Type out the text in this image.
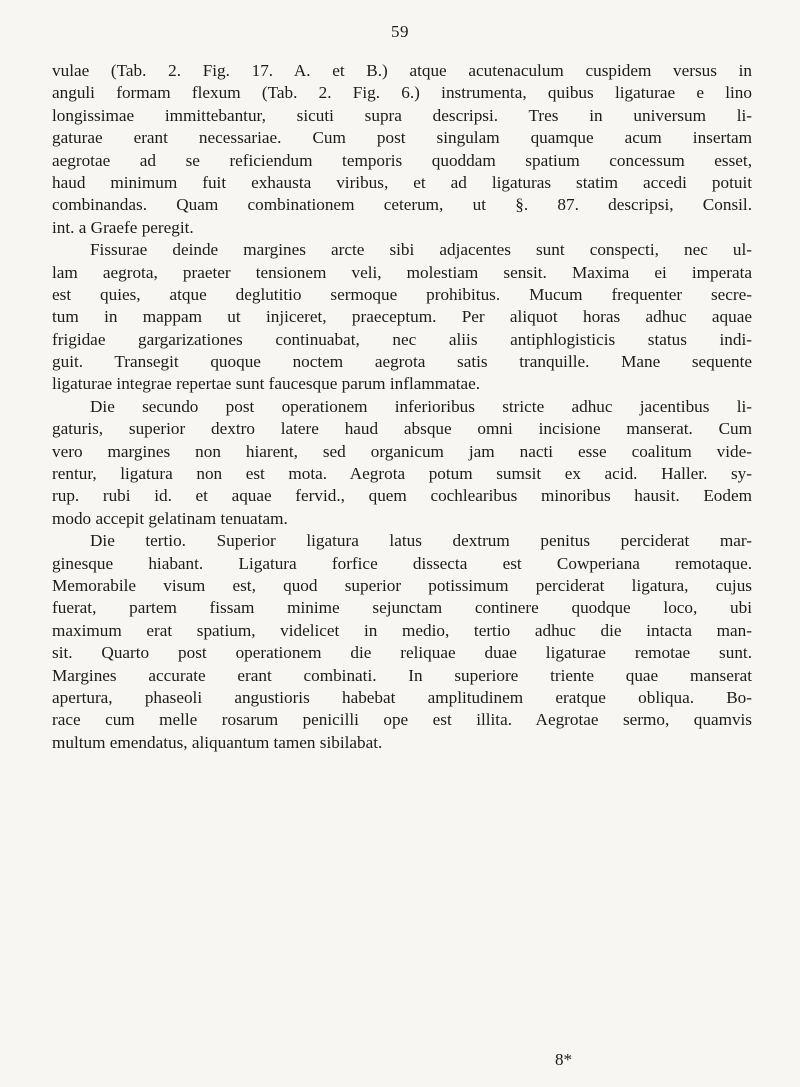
59
vulae (Tab. 2. Fig. 17. A. et B.) atque acutenaculum cuspidem versus in
anguli formam flexum (Tab. 2. Fig. 6.) instrumenta, quibus ligaturae e lino
longissimae immittebantur, sicuti supra descripsi. Tres in universum li-
gaturae erant necessariae. Cum post singulam quamque acum insertam
aegrotae ad se reficiendum temporis quoddam spatium concessum esset,
haud minimum fuit exhausta viribus, et ad ligaturas statim accedi potuit
combinandas. Quam combinationem ceterum, ut §. 87. descripsi, Consil.
int. a Graefe peregit.
Fissurae deinde margines arcte sibi adjacentes sunt conspecti, nec ul-
lam aegrota, praeter tensionem veli, molestiam sensit. Maxima ei imperata
est quies, atque deglutitio sermoque prohibitus. Mucum frequenter secre-
tum in mappam ut injiceret, praeceptum. Per aliquot horas adhuc aquae
frigidae gargarizationes continuabat, nec aliis antiphlogisticis status indi-
guit. Transegit quoque noctem aegrota satis tranquille. Mane sequente
ligaturae integrae repertae sunt faucesque parum inflammatae.
Die secundo post operationem inferioribus stricte adhuc jacentibus li-
gaturis, superior dextro latere haud absque omni incisione manserat. Cum
vero margines non hiarent, sed organicum jam nacti esse coalitum vide-
rentur, ligatura non est mota. Aegrota potum sumsit ex acid. Haller. sy-
rup. rubi id. et aquae fervid., quem cochlearibus minoribus hausit. Eodem
modo accepit gelatinam tenuatam.
Die tertio. Superior ligatura latus dextrum penitus perciderat mar-
ginesque hiabant. Ligatura forfice dissecta est Cowperiana remotaque.
Memorabile visum est, quod superior potissimum perciderat ligatura, cujus
fuerat, partem fissam minime sejunctam continere quodque loco, ubi
maximum erat spatium, videlicet in medio, tertio adhuc die intacta man-
sit. Quarto post operationem die reliquae duae ligaturae remotae sunt.
Margines accurate erant combinati. In superiore triente quae manserat
apertura, phaseoli angustioris habebat amplitudinem eratque obliqua. Bo-
race cum melle rosarum penicilli ope est illita. Aegrotae sermo, quamvis
multum emendatus, aliquantum tamen sibilabat.
8*
